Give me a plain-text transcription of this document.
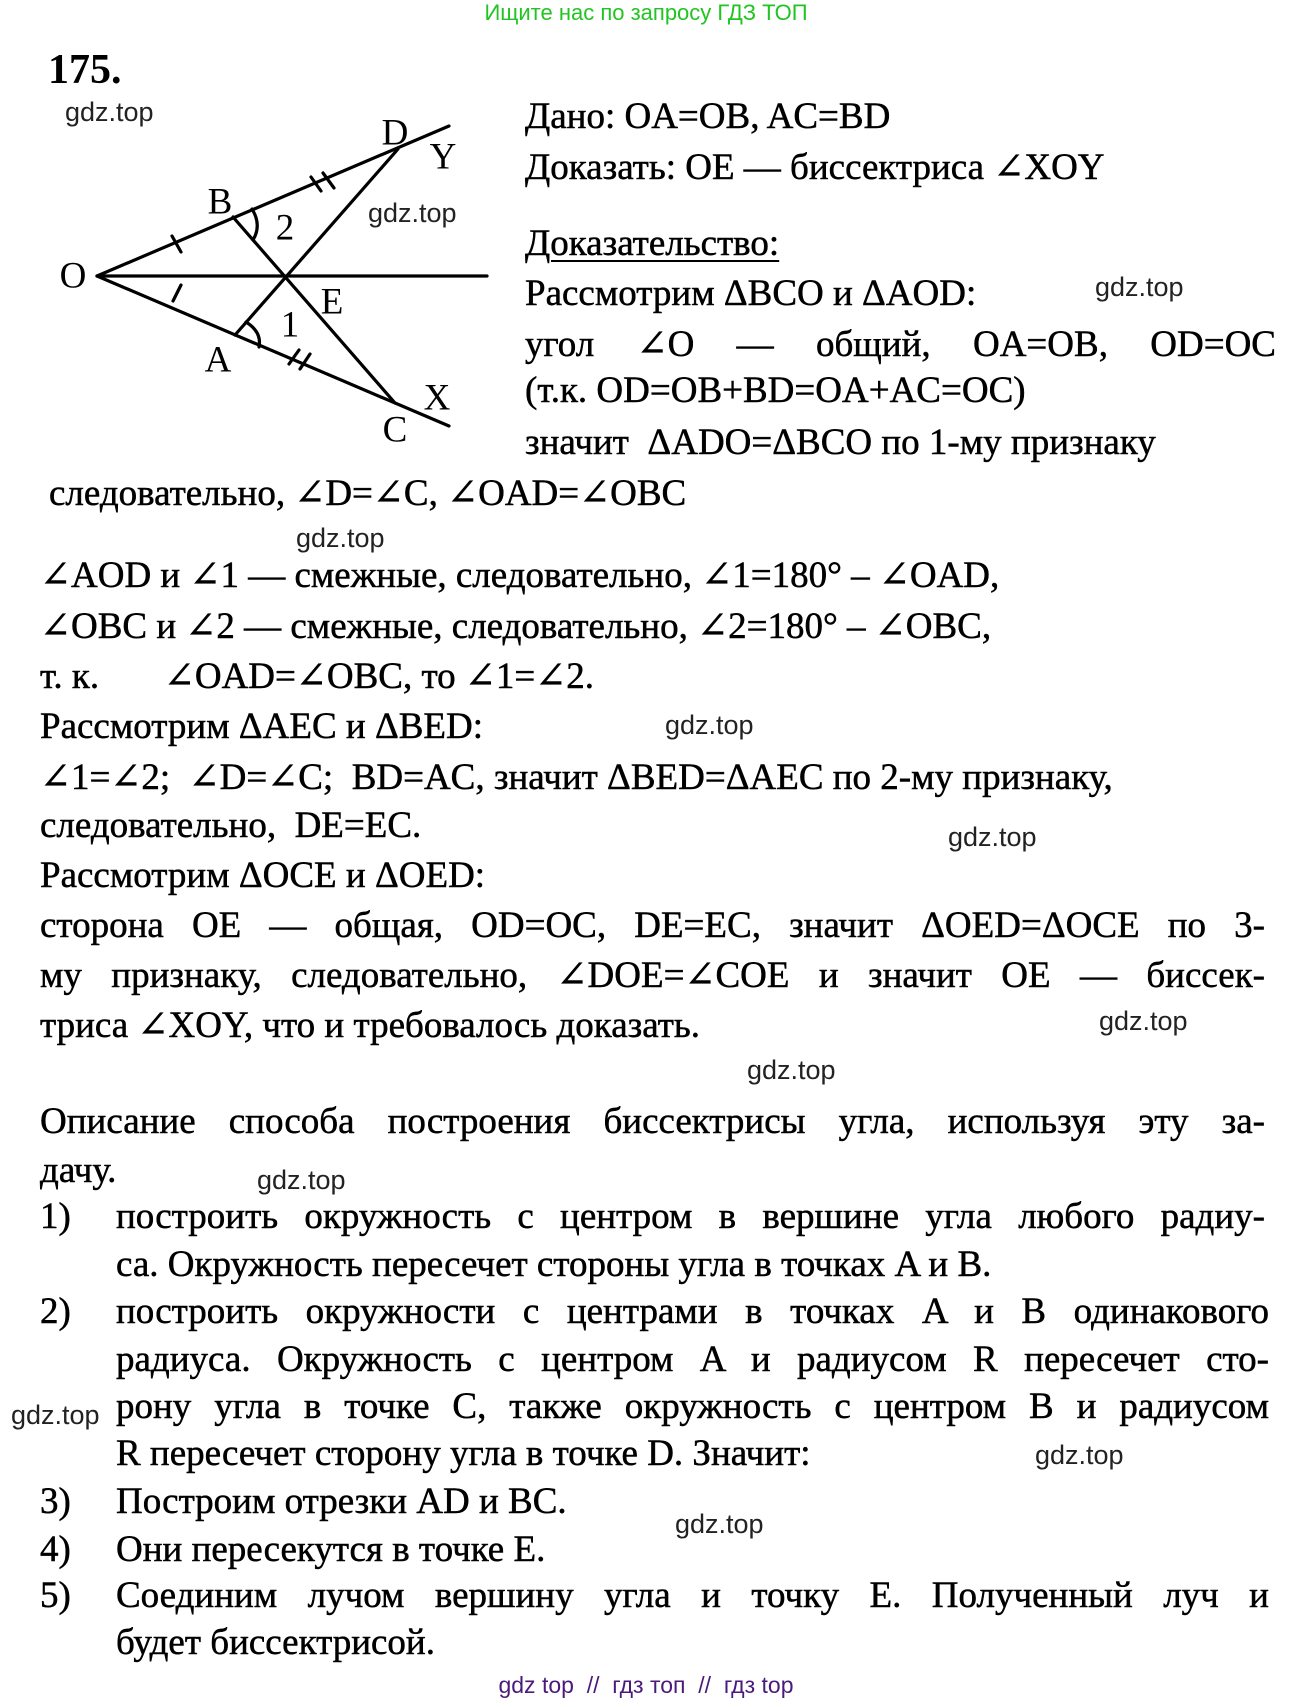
Ищите нас по запросу ГДЗ ТОП
175.
D
Y
B
2
O
E
1
A
C
X
gdz.top
gdz.top
Дано: OA=OB, AC=BD
Доказать: OE — биссектриса ∠XOY
Доказательство:
Рассмотрим ΔBCO и ΔAOD:	gdz.top
угол ∠O — общий, OA=OB, OD=OC
(т.к. OD=OB+BD=OA+AC=OC)
значит  ΔADO=ΔBCO по 1-му признаку
следовательно, ∠D=∠C, ∠OAD=∠OBC
gdz.top
∠AOD и ∠1 — смежные, следовательно, ∠1=180° – ∠OAD,
∠OBC и ∠2 — смежные, следовательно, ∠2=180° – ∠OBC,
т. к.       ∠OAD=∠OBC, то ∠1=∠2.
Рассмотрим ΔAEC и ΔBED:	gdz.top
∠1=∠2;  ∠D=∠C;  BD=AC, значит ΔBED=ΔAEC по 2-му признаку,
следовательно,  DE=EC.	gdz.top
Рассмотрим ΔOCE и ΔOED:
сторона OE — общая, OD=OC, DE=EC, значит ΔOED=ΔOCE по 3-
му признаку, следовательно, ∠DOE=∠COE и значит OE — биссек-
триса ∠XOY, что и требовалось доказать.	gdz.top
gdz.top
Описание способа построения биссектрисы угла, используя эту за-
дачу.	gdz.top
1) построить окружность с центром в вершине угла любого радиу-
са. Окружность пересечет стороны угла в точках A и B.
2) построить окружности с центрами в точках A и B одинакового
радиуса. Окружность с центром A и радиусом R пересечет сто-
рону угла в точке C, также окружность с центром B и радиусом
gdz.top
R пересечет сторону угла в точке D. Значит:	gdz.top
3) Построим отрезки AD и BC.
gdz.top
4) Они пересекутся в точке E.
5) Соединим лучом вершину угла и точку E. Полученный луч и
будет биссектрисой.
gdz top  //  гдз топ  //  гдз top
